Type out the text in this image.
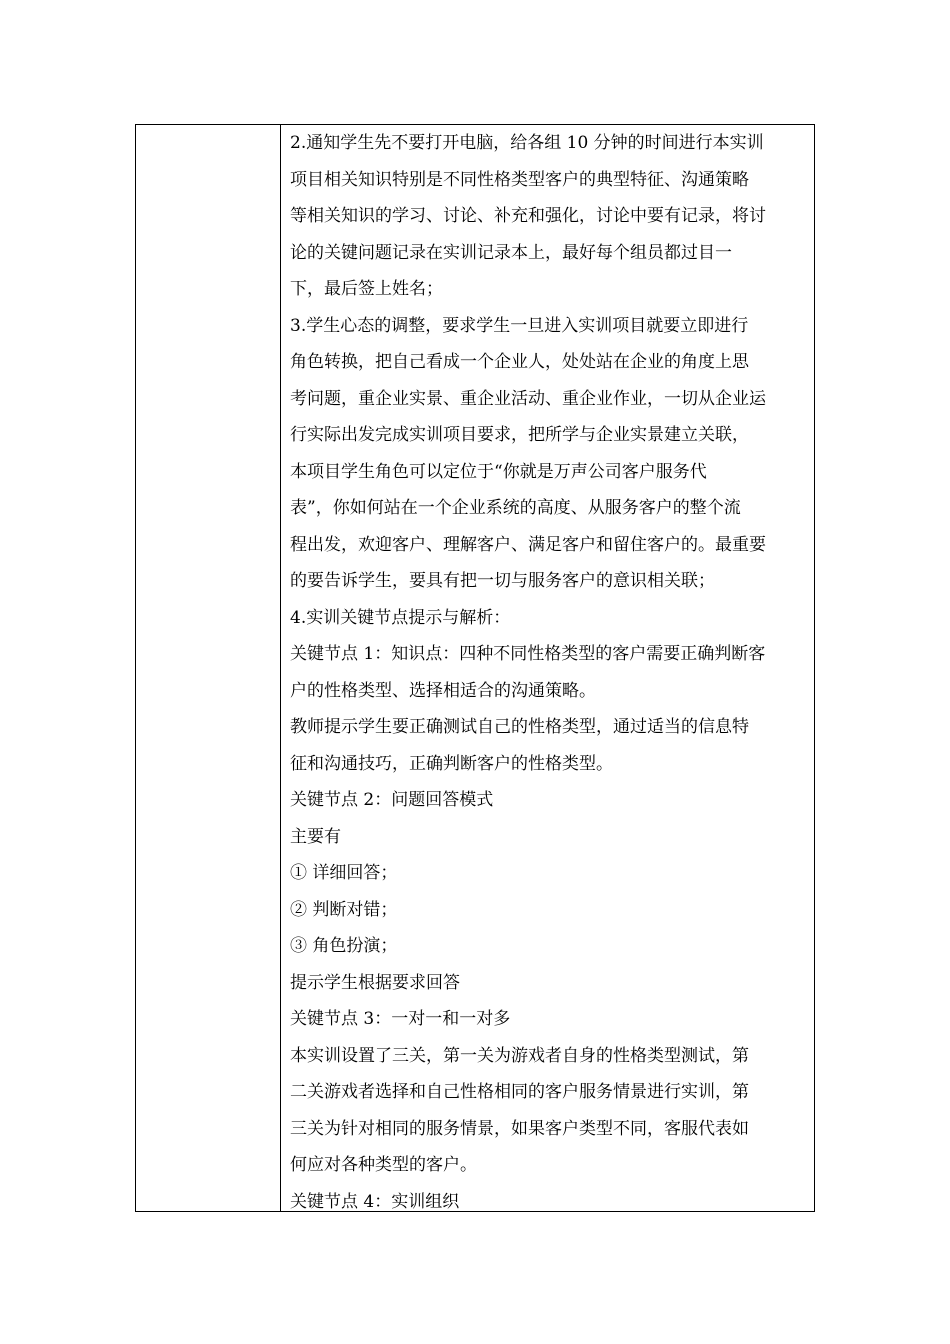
2.通知学生先不要打开电脑，给各组 10 分钟的时间进行本实训
项目相关知识特别是不同性格类型客户的典型特征、沟通策略
等相关知识的学习、讨论、补充和强化，讨论中要有记录，将讨
论的关键问题记录在实训记录本上，最好每个组员都过目一
下，最后签上姓名；
3.学生心态的调整，要求学生一旦进入实训项目就要立即进行
角色转换，把自己看成一个企业人，处处站在企业的角度上思
考问题，重企业实景、重企业活动、重企业作业，一切从企业运
行实际出发完成实训项目要求，把所学与企业实景建立关联，
本项目学生角色可以定位于“你就是万声公司客户服务代
表”，你如何站在一个企业系统的高度、从服务客户的整个流
程出发，欢迎客户、理解客户、满足客户和留住客户的。最重要
的要告诉学生，要具有把一切与服务客户的意识相关联；
4.实训关键节点提示与解析：
关键节点 1：知识点：四种不同性格类型的客户需要正确判断客
户的性格类型、选择相适合的沟通策略。
教师提示学生要正确测试自己的性格类型，通过适当的信息特
征和沟通技巧，正确判断客户的性格类型。
关键节点 2：问题回答模式
主要有
① 详细回答；
② 判断对错；
③ 角色扮演；
提示学生根据要求回答
关键节点 3：一对一和一对多
本实训设置了三关，第一关为游戏者自身的性格类型测试，第
二关游戏者选择和自己性格相同的客户服务情景进行实训，第
三关为针对相同的服务情景，如果客户类型不同，客服代表如
何应对各种类型的客户。
关键节点 4：实训组织
